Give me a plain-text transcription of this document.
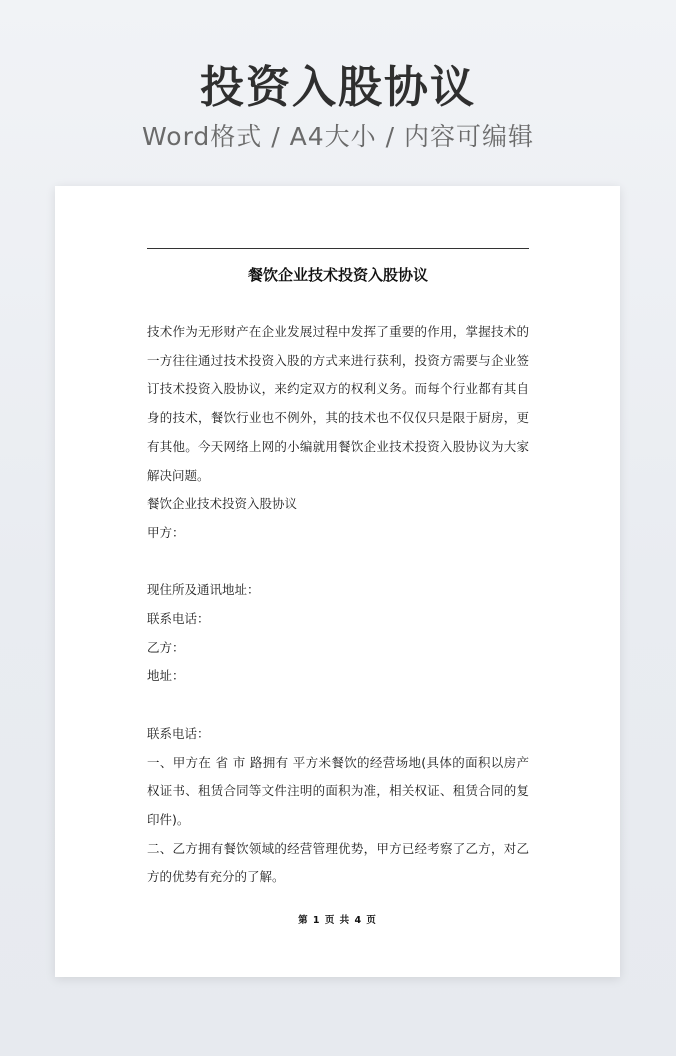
投资入股协议
Word格式 / A4大小 / 内容可编辑
餐饮企业技术投资入股协议

技术作为无形财产在企业发展过程中发挥了重要的作用，掌握技术的一方往往通过技术投资入股的方式来进行获利，投资方需要与企业签订技术投资入股协议，来约定双方的权利义务。而每个行业都有其自身的技术，餐饮行业也不例外，其的技术也不仅仅只是限于厨房，更有其他。今天网络上网的小编就用餐饮企业技术投资入股协议为大家解决问题。

餐饮企业技术投资入股协议

甲方：

现住所及通讯地址：

联系电话：

乙方：

地址：

联系电话：

一、甲方在 省 市 路拥有 平方米餐饮的经营场地(具体的面积以房产权证书、租赁合同等文件注明的面积为准，相关权证、租赁合同的复印件)。

二、乙方拥有餐饮领域的经营管理优势，甲方已经考察了乙方，对乙方的优势有充分的了解。

第 1 页 共 4 页
